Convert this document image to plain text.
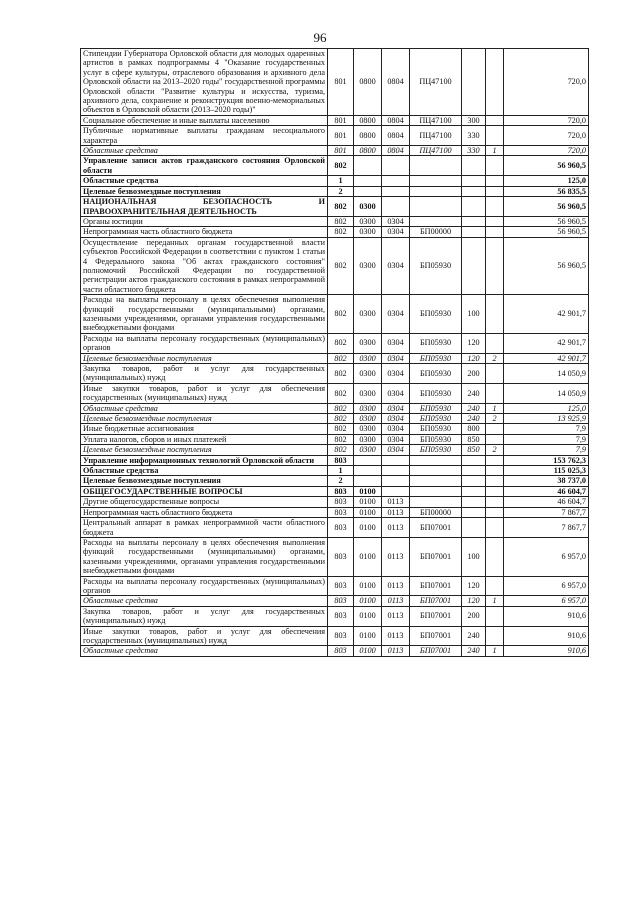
96
Стипендии Губернатора Орловской области для молодых одаренных артистов в рамках подпрограммы 4 "Оказание государственных услуг в сфере культуры, отраслевого образования и архивного дела Орловской области на 2013–2020 годы" государственной программы Орловской области "Развитие культуры и искусства, туризма, архивного дела, сохранение и реконструкция военно-мемориальных объектов в Орловской области (2013–2020 годы)"	801	0800	0804	ПЦ47100			720,0
Социальное обеспечение и иные выплаты населению	801	0800	0804	ПЦ47100	300		720,0
Публичные нормативные выплаты гражданам несоциального характера	801	0800	0804	ПЦ47100	330		720,0
Областные средства	801	0800	0804	ПЦ47100	330	1	720,0
Управление записи актов гражданского состояния Орловской области	802						56 960,5
Областные средства	1						125,0
Целевые безвозмездные поступления	2						56 835,5
НАЦИОНАЛЬНАЯ БЕЗОПАСНОСТЬ И ПРАВООХРАНИТЕЛЬНАЯ ДЕЯТЕЛЬНОСТЬ	802	0300					56 960,5
Органы юстиции	802	0300	0304				56 960,5
Непрограммная часть областного бюджета	802	0300	0304	БП00000			56 960,5
Осуществление переданных органам государственной власти субъектов Российской Федерации в соответствии с пунктом 1 статьи 4 Федерального закона "Об актах гражданского состояния" полномочий Российской Федерации по государственной регистрации актов гражданского состояния в рамках непрограммной части областного бюджета	802	0300	0304	БП05930			56 960,5
Расходы на выплаты персоналу в целях обеспечения выполнения функций государственными (муниципальными) органами, казенными учреждениями, органами управления государственными внебюджетными фондами	802	0300	0304	БП05930	100		42 901,7
Расходы на выплаты персоналу государственных (муниципальных) органов	802	0300	0304	БП05930	120		42 901,7
Целевые безвозмездные поступления	802	0300	0304	БП05930	120	2	42 901,7
Закупка товаров, работ и услуг для государственных (муниципальных) нужд	802	0300	0304	БП05930	200		14 050,9
Иные закупки товаров, работ и услуг для обеспечения государственных (муниципальных) нужд	802	0300	0304	БП05930	240		14 050,9
Областные средства	802	0300	0304	БП05930	240	1	125,0
Целевые безвозмездные поступления	802	0300	0304	БП05930	240	2	13 925,9
Иные бюджетные ассигнования	802	0300	0304	БП05930	800		7,9
Уплата налогов, сборов и иных платежей	802	0300	0304	БП05930	850		7,9
Целевые безвозмездные поступления	802	0300	0304	БП05930	850	2	7,9
Управление информационных технологий Орловской области	803						153 762,3
Областные средства	1						115 025,3
Целевые безвозмездные поступления	2						38 737,0
ОБЩЕГОСУДАРСТВЕННЫЕ ВОПРОСЫ	803	0100					46 604,7
Другие общегосударственные вопросы	803	0100	0113				46 604,7
Непрограммная часть областного бюджета	803	0100	0113	БП00000			7 867,7
Центральный аппарат в рамках непрограммной части областного бюджета	803	0100	0113	БП07001			7 867,7
Расходы на выплаты персоналу в целях обеспечения выполнения функций государственными (муниципальными) органами, казенными учреждениями, органами управления государственными внебюджетными фондами	803	0100	0113	БП07001	100		6 957,0
Расходы на выплаты персоналу государственных (муниципальных) органов	803	0100	0113	БП07001	120		6 957,0
Областные средства	803	0100	0113	БП07001	120	1	6 957,0
Закупка товаров, работ и услуг для государственных (муниципальных) нужд	803	0100	0113	БП07001	200		910,6
Иные закупки товаров, работ и услуг для обеспечения государственных (муниципальных) нужд	803	0100	0113	БП07001	240		910,6
Областные средства	803	0100	0113	БП07001	240	1	910,6
